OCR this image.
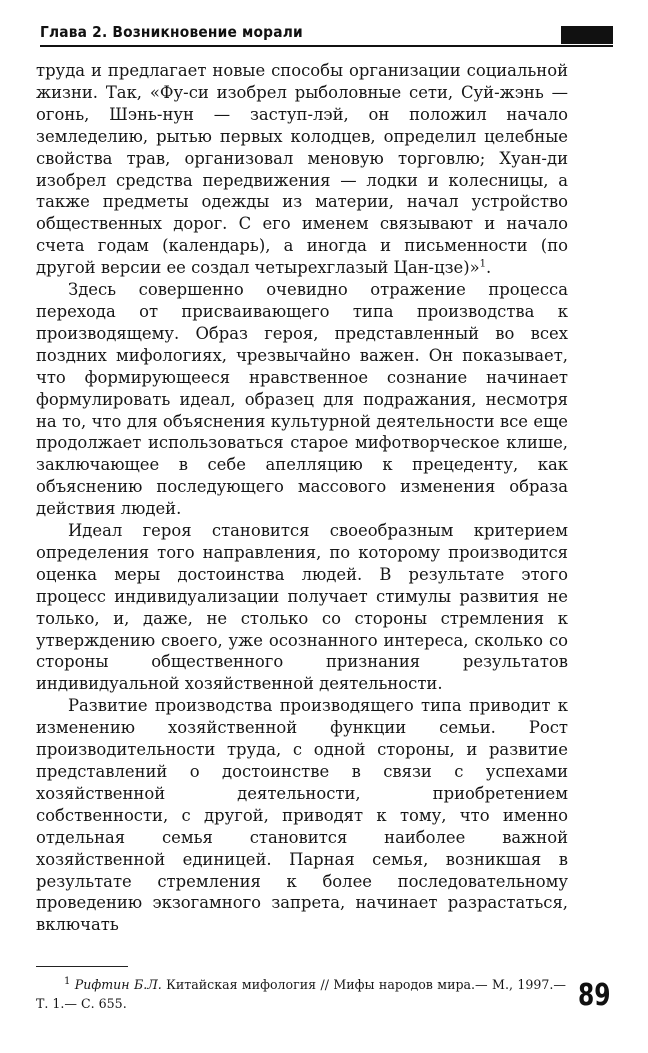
Глава 2. Возникновение морали

труда и предлагает новые способы организации социальной жизни. Так, «Фу-си изобрел рыболовные сети, Суй-жэнь — огонь, Шэнь-нун — заступ-лэй, он положил начало земледелию, рытью первых колодцев, определил целебные свойства трав, организовал меновую торговлю; Хуан-ди изобрел средства передвижения — лодки и колесницы, а также предметы одежды из материи, начал устройство общественных дорог. С его именем связывают и начало счета годам (календарь), а иногда и письменности (по другой версии ее создал четырехглазый Цан-цзе)»$^1$.

Здесь совершенно очевидно отражение процесса перехода от присваивающего типа производства к производящему. Образ героя, представленный во всех поздних мифологиях, чрезвычайно важен. Он показывает, что формирующееся нравственное сознание начинает формулировать идеал, образец для подражания, несмотря на то, что для объяснения культурной деятельности все еще продолжает использоваться старое мифотворческое клише, заключающее в себе апелляцию к прецеденту, как объяснению последующего массового изменения образа действия людей.

Идеал героя становится своеобразным критерием определения того направления, по которому производится оценка меры достоинства людей. В результате этого процесс индивидуализации получает стимулы развития не только, и, даже, не столько со стороны стремления к утверждению своего, уже осознанного интереса, сколько со стороны общественного признания результатов индивидуальной хозяйственной деятельности.

Развитие производства производящего типа приводит к изменению хозяйственной функции семьи. Рост производительности труда, с одной стороны, и развитие представлений о достоинстве в связи с успехами хозяйственной деятельности, приобретением собственности, с другой, приводят к тому, что именно отдельная семья становится наиболее важной хозяйственной единицей. Парная семья, возникшая в результате стремления к более последовательному проведению экзогамного запрета, начинает разрастаться, включать

$^1$ Рифтин Б.Л. Китайская мифология // Мифы народов мира.— М., 1997.— Т. 1.— С. 655.	89
